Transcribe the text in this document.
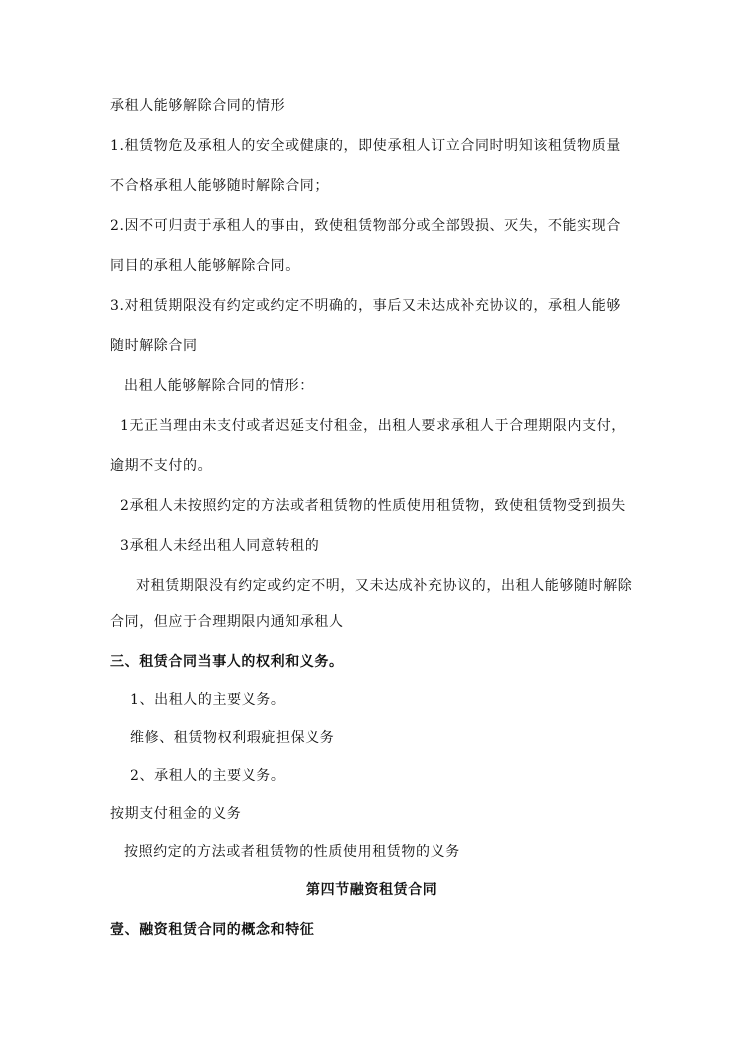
承租人能够解除合同的情形
1.租赁物危及承租人的安全或健康的，即使承租人订立合同时明知该租赁物质量
不合格承租人能够随时解除合同；
2.因不可归责于承租人的事由，致使租赁物部分或全部毁损、灭失，不能实现合
同目的承租人能够解除合同。
3.对租赁期限没有约定或约定不明确的，事后又未达成补充协议的，承租人能够
随时解除合同
出租人能够解除合同的情形：
1无正当理由未支付或者迟延支付租金，出租人要求承租人于合理期限内支付，
逾期不支付的。
2承租人未按照约定的方法或者租赁物的性质使用租赁物，致使租赁物受到损失
3承租人未经出租人同意转租的
对租赁期限没有约定或约定不明，又未达成补充协议的，出租人能够随时解除
合同，但应于合理期限内通知承租人
三、租赁合同当事人的权利和义务。
1、出租人的主要义务。
维修、租赁物权利瑕疵担保义务
2、承租人的主要义务。
按期支付租金的义务
按照约定的方法或者租赁物的性质使用租赁物的义务
第四节融资租赁合同
壹、融资租赁合同的概念和特征
